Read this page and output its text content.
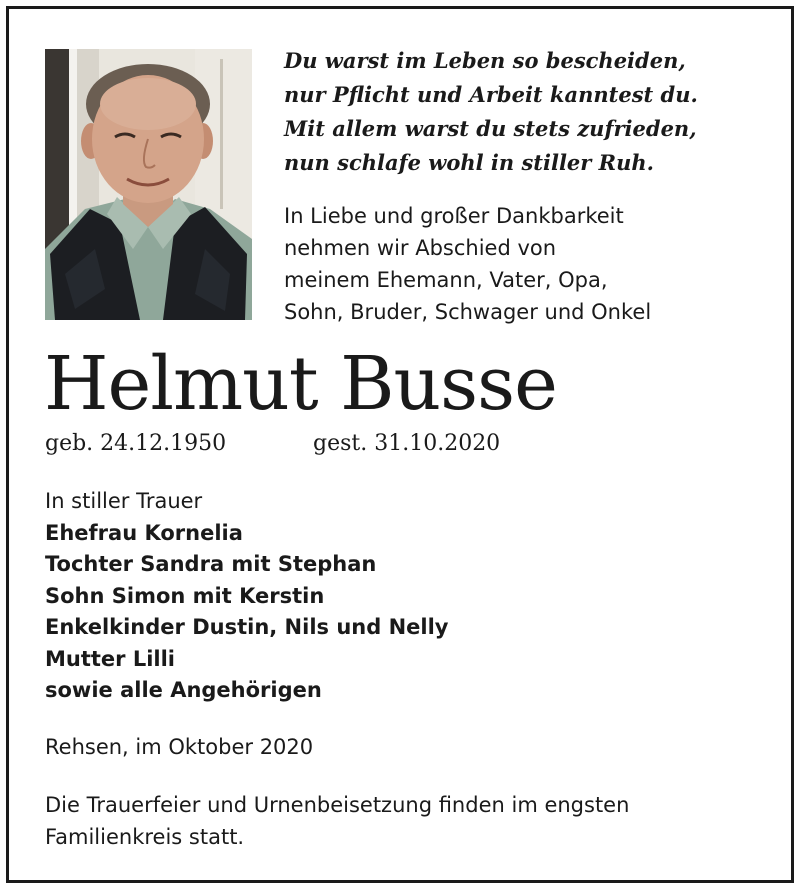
Du warst im Leben so bescheiden,
nur Pflicht und Arbeit kanntest du.
Mit allem warst du stets zufrieden,
nun schlafe wohl in stiller Ruh.
In Liebe und großer Dankbarkeit
nehmen wir Abschied von
meinem Ehemann, Vater, Opa,
Sohn, Bruder, Schwager und Onkel
Helmut Busse
geb. 24.12.1950	gest. 31.10.2020
In stiller Trauer
Ehefrau Kornelia
Tochter Sandra mit Stephan
Sohn Simon mit Kerstin
Enkelkinder Dustin, Nils und Nelly
Mutter Lilli
sowie alle Angehörigen
Rehsen, im Oktober 2020
Die Trauerfeier und Urnenbeisetzung finden im engsten
Familienkreis statt.
